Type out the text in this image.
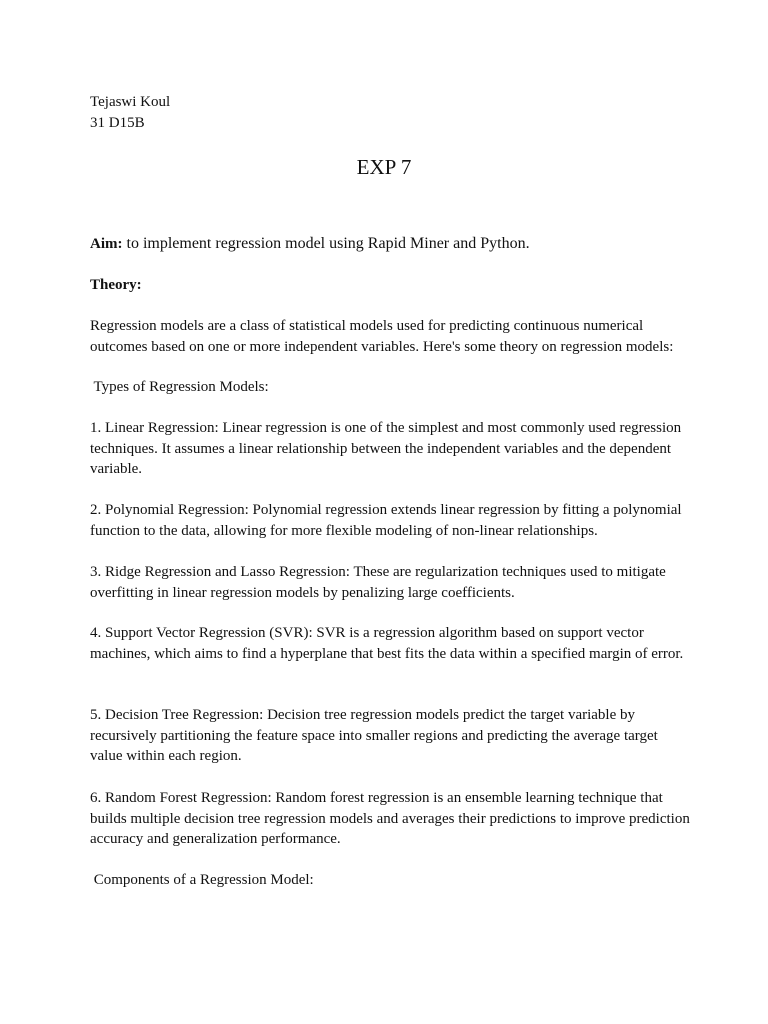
Tejaswi Koul
31 D15B
EXP 7

Aim: to implement regression model using Rapid Miner and Python.

Theory:

Regression models are a class of statistical models used for predicting continuous numerical outcomes based on one or more independent variables. Here's some theory on regression models:

Types of Regression Models:

1. Linear Regression: Linear regression is one of the simplest and most commonly used regression techniques. It assumes a linear relationship between the independent variables and the dependent variable.

2. Polynomial Regression: Polynomial regression extends linear regression by fitting a polynomial function to the data, allowing for more flexible modeling of non-linear relationships.

3. Ridge Regression and Lasso Regression: These are regularization techniques used to mitigate overfitting in linear regression models by penalizing large coefficients.

4. Support Vector Regression (SVR): SVR is a regression algorithm based on support vector machines, which aims to find a hyperplane that best fits the data within a specified margin of error.

5. Decision Tree Regression: Decision tree regression models predict the target variable by recursively partitioning the feature space into smaller regions and predicting the average target value within each region.

6. Random Forest Regression: Random forest regression is an ensemble learning technique that builds multiple decision tree regression models and averages their predictions to improve prediction accuracy and generalization performance.

Components of a Regression Model:
